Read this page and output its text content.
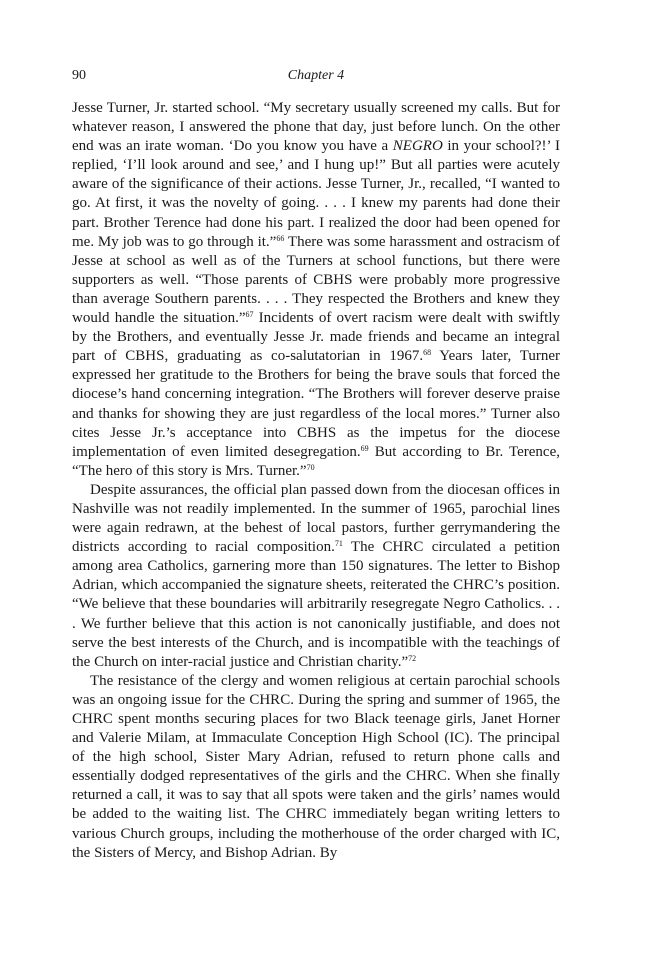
90	Chapter 4

Jesse Turner, Jr. started school. “My secretary usually screened my calls. But for whatever reason, I answered the phone that day, just before lunch. On the other end was an irate woman. ‘Do you know you have a NEGRO in your school?!’ I replied, ‘I’ll look around and see,’ and I hung up!” But all parties were acutely aware of the significance of their actions. Jesse Turner, Jr., recalled, “I wanted to go. At first, it was the novelty of going. . . . I knew my parents had done their part. Brother Terence had done his part. I realized the door had been opened for me. My job was to go through it.”$^{66}$ There was some harassment and ostracism of Jesse at school as well as of the Turners at school functions, but there were supporters as well. “Those parents of CBHS were probably more progressive than average Southern parents. . . . They respected the Brothers and knew they would handle the situation.”$^{67}$ Incidents of overt racism were dealt with swiftly by the Brothers, and eventually Jesse Jr. made friends and became an integral part of CBHS, graduating as co-salutatorian in 1967.68 Years later, Turner expressed her gratitude to the Brothers for being the brave souls that forced the diocese’s hand concerning integration. “The Brothers will forever deserve praise and thanks for showing they are just regardless of the local mores.” Turner also cites Jesse Jr.’s acceptance into CBHS as the impetus for the diocese implementation of even limited desegregation.$^{69}$ But according to Br. Terence, “The hero of this story is Mrs. Turner.”$^{70}$

Despite assurances, the official plan passed down from the diocesan offices in Nashville was not readily implemented. In the summer of 1965, parochial lines were again redrawn, at the behest of local pastors, further gerrymandering the districts according to racial composition.$^{71}$ The CHRC circulated a petition among area Catholics, garnering more than 150 signatures. The letter to Bishop Adrian, which accompanied the signature sheets, reiterated the CHRC’s position. “We believe that these boundaries will arbitrarily resegregate Negro Catholics. . . . We further believe that this action is not canonically justifiable, and does not serve the best interests of the Church, and is incompatible with the teachings of the Church on inter-racial justice and Christian charity.”$^{72}$

The resistance of the clergy and women religious at certain parochial schools was an ongoing issue for the CHRC. During the spring and summer of 1965, the CHRC spent months securing places for two Black teenage girls, Janet Horner and Valerie Milam, at Immaculate Conception High School (IC). The principal of the high school, Sister Mary Adrian, refused to return phone calls and essentially dodged representatives of the girls and the CHRC. When she finally returned a call, it was to say that all spots were taken and the girls’ names would be added to the waiting list. The CHRC immediately began writing letters to various Church groups, including the motherhouse of the order charged with IC, the Sisters of Mercy, and Bishop Adrian. By
